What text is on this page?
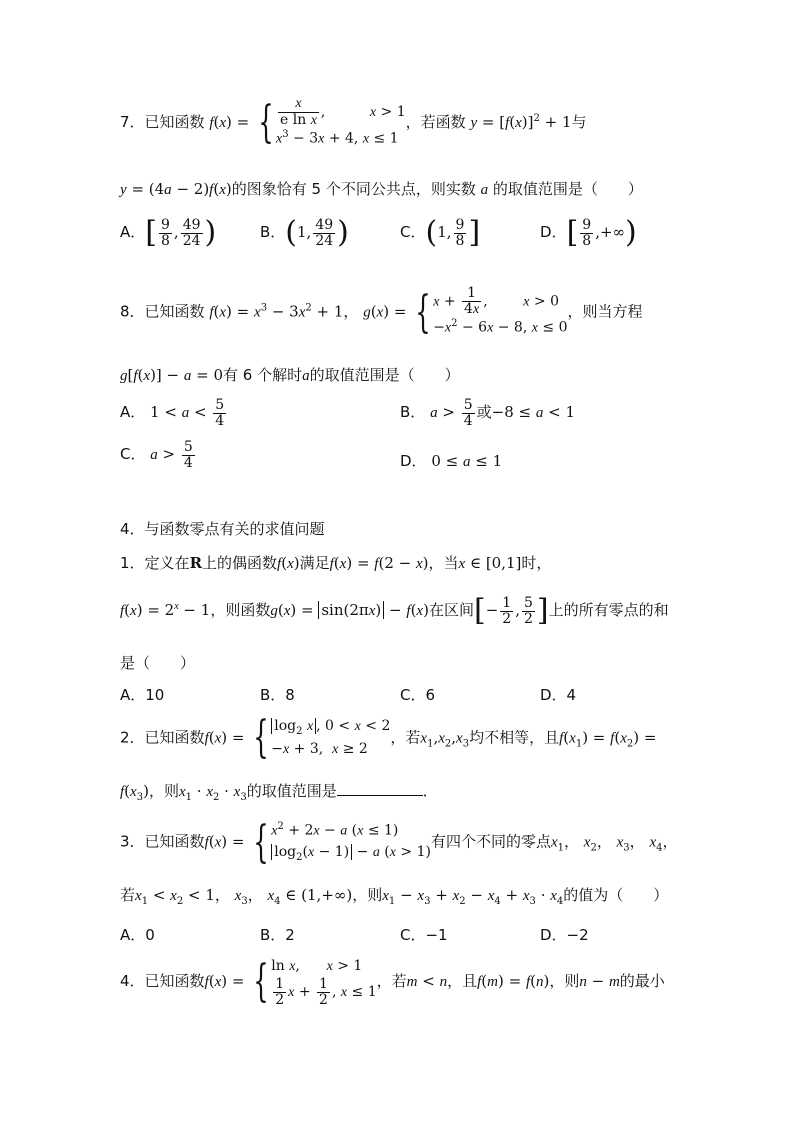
7．已知函数 f(x) = { $\frac{x}{\text{e ln x}}$ ,          x > 1
$x^3 - 3x + 4$, x ≤ 1
，若函数 $y = [f(x)]^2 + 1$与
y = (4a − 2)f(x)的图象恰有 5 个不同公共点，则实数 a 的取值范围是（　　）
A．[ $\frac{9}{8}$ , $\frac{49}{24}$ )	B．(1, $\frac{49}{24}$ )	C．(1, $\frac{9}{8}$ ]	D．[ $\frac{9}{8}$ ,+∞)
8．已知函数 $f(x) = x^3 - 3x^2 + 1$， g(x) = { $x + \frac{1}{4x}$ ,        x > 0
$-x^2 - 6x - 8$, x ≤ 0
，则当方程
g[f(x)] − a = 0有 6 个解时a的取值范围是（　　）
A． $1 < a < \frac{5}{4}$	B． $a > \frac{5}{4}$ 或−8 ≤ a < 1
C． $a > \frac{5}{4}$	D． 0 ≤ a ≤ 1
4．与函数零点有关的求值问题
1．定义在R上的偶函数f(x)满足f(x) = f(2 − x)，当x ∈ [0,1]时，
$f(x) = 2^x - 1$，则函数g(x) = sin(2πx) − f(x)在区间[− $\frac{1}{2}$ , $\frac{5}{2}$ ]上的所有零点的和
是（　　）
A．10	B．8	C．6	D．4
2．已知函数f(x) = { $\log_2 x$ , 0 < x < 2
−x + 3,  x ≥ 2
，若$x_1,x_2,x_3$均不相等，且$f(x_1) = f(x_2)$ =
$f(x_3)$，则$x_1 \cdot x_2 \cdot x_3$的取值范围是	．
3．已知函数f(x) = { $x^2 + 2x - a$ (x ≤ 1)
$\log_2(x - 1) - a$ (x > 1)
有四个不同的零点$x_1$， $x_2$， $x_3$， $x_4$，
若$x_1 < x_2 < 1$， $x_3$， $x_4$ ∈ (1,+∞)，则$x_1 - x_3 + x_2 - x_4 + x_3 \cdot x_4$的值为（　　）
A．0	B．2	C．−1	D．−2
4．已知函数f(x) = { ln x,      x > 1
$\frac{1}{2}$ $x + \frac{1}{2}$ , x ≤ 1
，若m < n，且f(m) = f(n)，则n − m的最小
